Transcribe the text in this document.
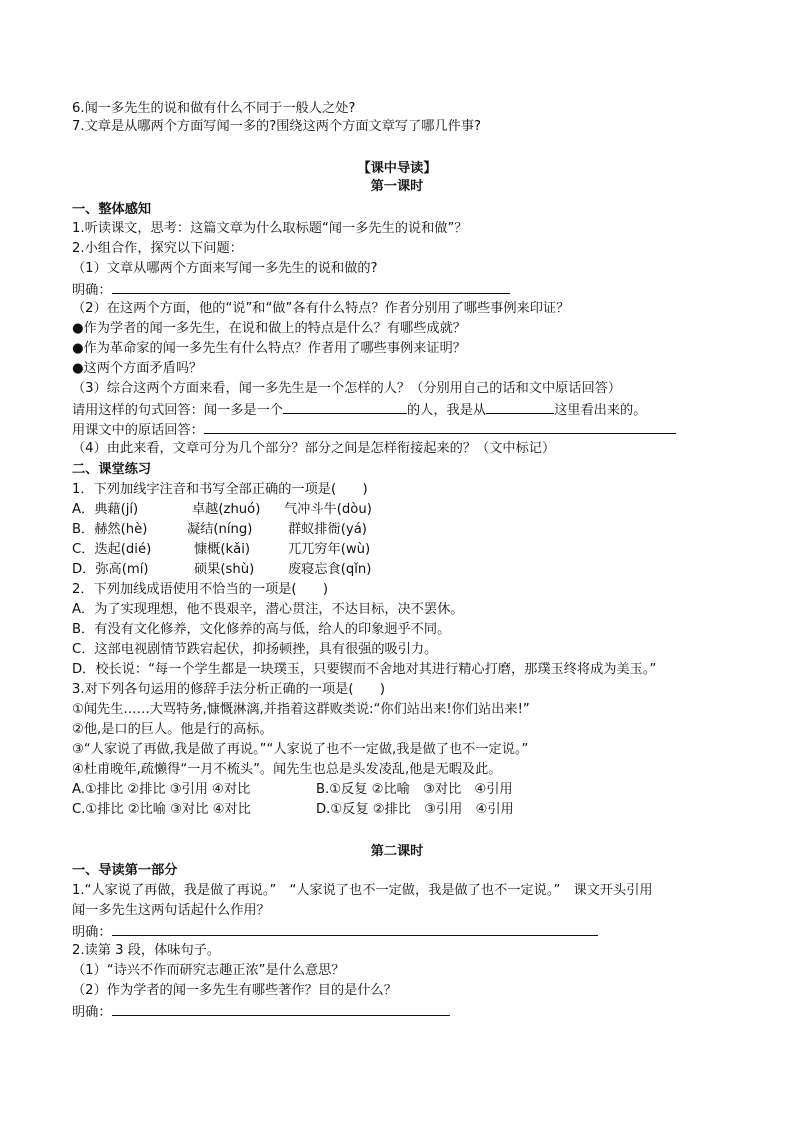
6.闻一多先生的说和做有什么不同于一般人之处?
7.文章是从哪两个方面写闻一多的?围绕这两个方面文章写了哪几件事?
【课中导读】
第一课时
一、整体感知
1.听读课文，思考：这篇文章为什么取标题“闻一多先生的说和做”？
2.小组合作，探究以下问题：
（1）文章从哪两个方面来写闻一多先生的说和做的?
明确：
（2）在这两个方面，他的“说”和“做”各有什么特点？作者分别用了哪些事例来印证？
●作为学者的闻一多先生，在说和做上的特点是什么？有哪些成就？
●作为革命家的闻一多先生有什么特点？作者用了哪些事例来证明？
●这两个方面矛盾吗？
（3）综合这两个方面来看，闻一多先生是一个怎样的人？（分别用自己的话和文中原话回答）
请用这样的句式回答：闻一多是一个	的人，我是从	这里看出来的。
用课文中的原话回答：
（4）由此来看，文章可分为几个部分？部分之间是怎样衔接起来的？（文中标记）
二、课堂练习
1．下列加线字注音和书写全部正确的一项是(　　)
A．典藉(jí)	卓越(zhuó) 气冲斗牛(dòu)
B．赫然(hè)	凝结(níng)	群蚁排衙(yá)
C．迭起(dié)	慷概(kǎi)	兀兀穷年(wù)
D．弥高(mí)	硕果(shù)	废寝忘食(qǐn)
2．下列加线成语使用不恰当的一项是(　　)
A．为了实现理想，他不畏艰辛，潜心贯注，不达目标，决不罢休。
B．有没有文化修养，文化修养的高与低，给人的印象迥乎不同。
C．这部电视剧情节跌宕起伏，抑扬顿挫，具有很强的吸引力。
D．校长说：“每一个学生都是一块璞玉，只要锲而不舍地对其进行精心打磨，那璞玉终将成为美玉。”
3.对下列各句运用的修辞手法分析正确的一项是(　　)
①闻先生……大骂特务,慷慨淋漓,并指着这群败类说:“你们站出来!你们站出来!”
②他,是口的巨人。他是行的高标。
③“人家说了再做,我是做了再说。”“人家说了也不一定做,我是做了也不一定说。”
④杜甫晚年,疏懒得“一月不梳头”。闻先生也总是头发凌乱,他是无暇及此。
A.①排比 ②排比 ③引用 ④对比	B.①反复 ②比喻　③对比　④引用
C.①排比 ②比喻 ③对比 ④对比	D.①反复 ②排比　③引用　④引用
第二课时
一、导读第一部分
1.“人家说了再做，我是做了再说。”　“人家说了也不一定做，我是做了也不一定说。”　课文开头引用
闻一多先生这两句话起什么作用？
明确：
2.读第 3 段，体味句子。
（1）“诗兴不作而研究志趣正浓”是什么意思？
（2）作为学者的闻一多先生有哪些著作？目的是什么？
明确：
